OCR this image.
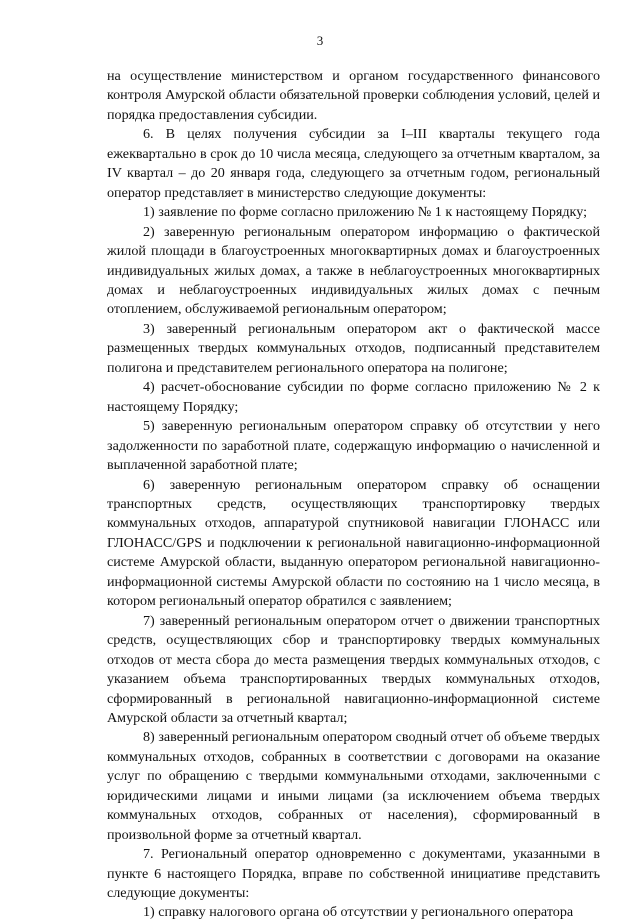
3

на осуществление министерством и органом государственного финансового контроля Амурской области обязательной проверки соблюдения условий, целей и порядка предоставления субсидии.

6. В целях получения субсидии за I–III кварталы текущего года ежеквартально в срок до 10 числа месяца, следующего за отчетным кварталом, за IV квартал – до 20 января года, следующего за отчетным годом, региональный оператор представляет в министерство следующие документы:

1) заявление по форме согласно приложению № 1 к настоящему Порядку;

2) заверенную региональным оператором информацию о фактической жилой площади в благоустроенных многоквартирных домах и благоустроенных индивидуальных жилых домах, а также в неблагоустроенных многоквартирных домах и неблагоустроенных индивидуальных жилых домах с печным отоплением, обслуживаемой региональным оператором;

3) заверенный региональным оператором акт о фактической массе размещенных твердых коммунальных отходов, подписанный представителем полигона и представителем регионального оператора на полигоне;

4) расчет-обоснование субсидии по форме согласно приложению № 2 к настоящему Порядку;

5) заверенную региональным оператором справку об отсутствии у него задолженности по заработной плате, содержащую информацию о начисленной и выплаченной заработной плате;

6) заверенную региональным оператором справку об оснащении транспортных средств, осуществляющих транспортировку твердых коммунальных отходов, аппаратурой спутниковой навигации ГЛОНАСС или ГЛОНАСС/GPS и подключении к региональной навигационно-информационной системе Амурской области, выданную оператором региональной навигационно-информационной системы Амурской области по состоянию на 1 число месяца, в котором региональный оператор обратился с заявлением;

7) заверенный региональным оператором отчет о движении транспортных средств, осуществляющих сбор и транспортировку твердых коммунальных отходов от места сбора до места размещения твердых коммунальных отходов, с указанием объема транспортированных твердых коммунальных отходов, сформированный в региональной навигационно-информационной системе Амурской области за отчетный квартал;

8) заверенный региональным оператором сводный отчет об объеме твердых коммунальных отходов, собранных в соответствии с договорами на оказание услуг по обращению с твердыми коммунальными отходами, заключенными с юридическими лицами и иными лицами (за исключением объема твердых коммунальных отходов, собранных от населения), сформированный в произвольной форме за отчетный квартал.

7. Региональный оператор одновременно с документами, указанными в пункте 6 настоящего Порядка, вправе по собственной инициативе представить следующие документы:

1) справку налогового органа об отсутствии у регионального оператора
